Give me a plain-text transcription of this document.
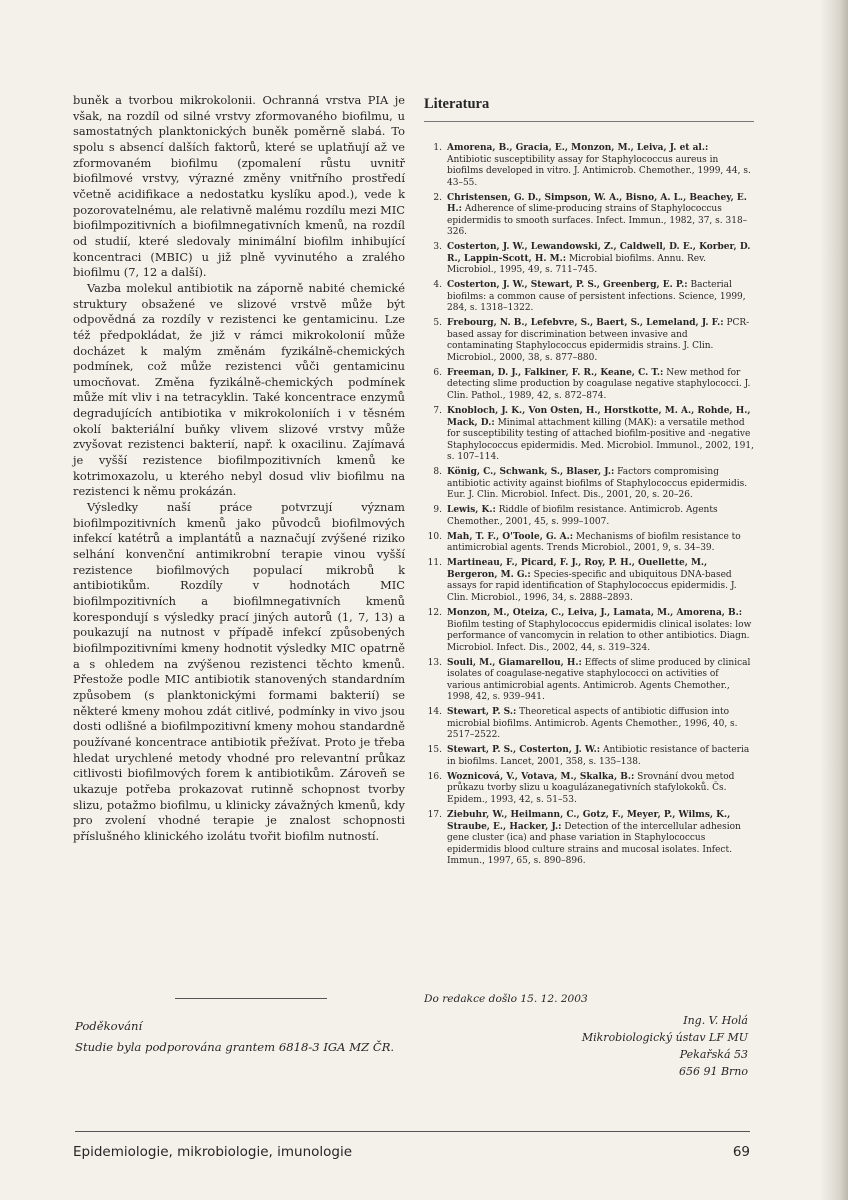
buněk a tvorbou mikrokolonii. Ochranná vrstva PIA je však, na rozdíl od silné vrstvy zformovaného biofilmu, u samostatných planktonických buněk poměrně slabá. To spolu s absencí dalších faktorů, které se uplatňují až ve zformovaném biofilmu (zpomalení růstu uvnitř biofilmové vrstvy, výrazné změny vnitřního prostředí včetně acidifikace a nedostatku kyslíku apod.), vede k pozorovatelnému, ale relativně malému rozdílu mezi MIC biofilmpozitivních a biofilmnegativních kmenů, na rozdíl od studií, které sledovaly minimální biofilm inhibující koncentraci (MBIC) u již plně vyvinutého a zralého biofilmu (7, 12 a další).

Vazba molekul antibiotik na záporně nabité chemické struktury obsažené ve slizové vrstvě může být odpovědná za rozdíly v rezistenci ke gentamicinu. Lze též předpokládat, že již v rámci mikrokolonií může docházet k malým změnám fyzikálně-chemických podmínek, což může rezistenci vůči gentamicinu umocňovat. Změna fyzikálně-chemických podmínek může mít vliv i na tetracyklin. Také koncentrace enzymů degradujících antibiotika v mikrokoloniích i v těsném okolí bakteriální buňky vlivem slizové vrstvy může zvyšovat rezistenci bakterií, např. k oxacilinu. Zajímavá je vyšší rezistence biofilmpozitivních kmenů ke kotrimoxazolu, u kterého nebyl dosud vliv biofilmu na rezistenci k němu prokázán.

Výsledky naší práce potvrzují význam biofilmpozitivních kmenů jako původců biofilmových infekcí katétrů a implantátů a naznačují zvýšené riziko selhání konvenční antimikrobní terapie vinou vyšší rezistence biofilmových populací mikrobů k antibiotikům. Rozdíly v hodnotách MIC biofilmpozitivních a biofilmnegativních kmenů korespondují s výsledky prací jiných autorů (1, 7, 13) a poukazují na nutnost v případě infekcí způsobených biofilmpozitivními kmeny hodnotit výsledky MIC opatrně a s ohledem na zvýšenou rezistenci těchto kmenů. Přestože podle MIC antibiotik stanovených standardním způsobem (s planktonickými formami bakterií) se některé kmeny mohou zdát citlivé, podmínky in vivo jsou dosti odlišné a biofilmpozitivní kmeny mohou standardně používané koncentrace antibiotik přežívat. Proto je třeba hledat urychlené metody vhodné pro relevantní průkaz citlivosti biofilmových forem k antibiotikům. Zároveň se ukazuje potřeba prokazovat rutinně schopnost tvorby slizu, potažmo biofilmu, u klinicky závažných kmenů, kdy pro zvolení vhodné terapie je znalost schopnosti příslušného klinického izolátu tvořit biofilm nutností.

Poděkování
Studie byla podporována grantem 6818-3 IGA MZ ČR.
Literatura
1. Amorena, B., Gracia, E., Monzon, M., Leiva, J. et al.: Antibiotic susceptibility assay for Staphylococcus aureus in biofilms developed in vitro. J. Antimicrob. Chemother., 1999, 44, s. 43–55.
2. Christensen, G. D., Simpson, W. A., Bisno, A. L., Beachey, E. H.: Adherence of slime-producing strains of Staphylococcus epidermidis to smooth surfaces. Infect. Immun., 1982, 37, s. 318–326.
3. Costerton, J. W., Lewandowski, Z., Caldwell, D. E., Korber, D. R., Lappin-Scott, H. M.: Microbial biofilms. Annu. Rev. Microbiol., 1995, 49, s. 711–745.
4. Costerton, J. W., Stewart, P. S., Greenberg, E. P.: Bacterial biofilms: a common cause of persistent infections. Science, 1999, 284, s. 1318–1322.
5. Frebourg, N. B., Lefebvre, S., Baert, S., Lemeland, J. F.: PCR-based assay for discrimination between invasive and contaminating Staphylococcus epidermidis strains. J. Clin. Microbiol., 2000, 38, s. 877–880.
6. Freeman, D. J., Falkiner, F. R., Keane, C. T.: New method for detecting slime production by coagulase negative staphylococci. J. Clin. Pathol., 1989, 42, s. 872–874.
7. Knobloch, J. K., Von Osten, H., Horstkotte, M. A., Rohde, H., Mack, D.: Minimal attachment killing (MAK): a versatile method for susceptibility testing of attached biofilm-positive and -negative Staphylococcus epidermidis. Med. Microbiol. Immunol., 2002, 191, s. 107–114.
8. König, C., Schwank, S., Blaser, J.: Factors compromising antibiotic activity against biofilms of Staphylococcus epidermidis. Eur. J. Clin. Microbiol. Infect. Dis., 2001, 20, s. 20–26.
9. Lewis, K.: Riddle of biofilm resistance. Antimicrob. Agents Chemother., 2001, 45, s. 999–1007.
10. Mah, T. F., O'Toole, G. A.: Mechanisms of biofilm resistance to antimicrobial agents. Trends Microbiol., 2001, 9, s. 34–39.
11. Martineau, F., Picard, F. J., Roy, P. H., Ouellette, M., Bergeron, M. G.: Species-specific and ubiquitous DNA-based assays for rapid identification of Staphylococcus epidermidis. J. Clin. Microbiol., 1996, 34, s. 2888–2893.
12. Monzon, M., Oteiza, C., Leiva, J., Lamata, M., Amorena, B.: Biofilm testing of Staphylococcus epidermidis clinical isolates: low performance of vancomycin in relation to other antibiotics. Diagn. Microbiol. Infect. Dis., 2002, 44, s. 319–324.
13. Souli, M., Giamarellou, H.: Effects of slime produced by clinical isolates of coagulase-negative staphylococci on activities of various antimicrobial agents. Antimicrob. Agents Chemother., 1998, 42, s. 939–941.
14. Stewart, P. S.: Theoretical aspects of antibiotic diffusion into microbial biofilms. Antimicrob. Agents Chemother., 1996, 40, s. 2517–2522.
15. Stewart, P. S., Costerton, J. W.: Antibiotic resistance of bacteria in biofilms. Lancet, 2001, 358, s. 135–138.
16. Woznicová, V., Votava, M., Skalka, B.: Srovnání dvou metod průkazu tvorby slizu u koagulázanegativních stafylokoků. Čs. Epidem., 1993, 42, s. 51–53.
17. Ziebuhr, W., Heilmann, C., Gotz, F., Meyer, P., Wilms, K., Straube, E., Hacker, J.: Detection of the intercellular adhesion gene cluster (ica) and phase variation in Staphylococcus epidermidis blood culture strains and mucosal isolates. Infect. Immun., 1997, 65, s. 890–896.
Do redakce došlo 15. 12. 2003
Ing. V. Holá
Mikrobiologický ústav LF MU
Pekařská 53
656 91 Brno
Epidemiologie, mikrobiologie, imunologie	69
